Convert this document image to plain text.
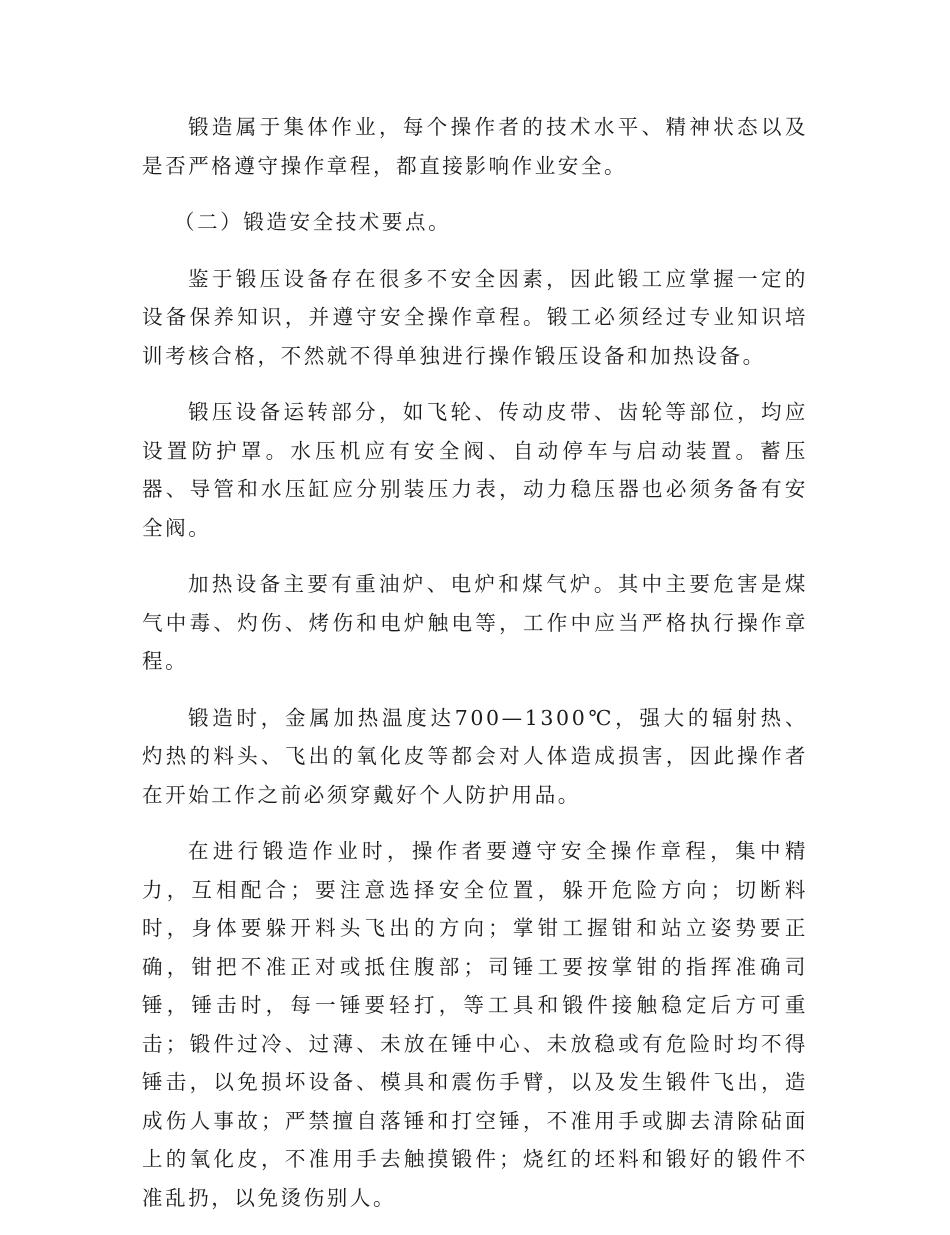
锻造属于集体作业，每个操作者的技术水平、精神状态以及是否严格遵守操作章程，都直接影响作业安全。

（二）锻造安全技术要点。

鉴于锻压设备存在很多不安全因素，因此锻工应掌握一定的设备保养知识，并遵守安全操作章程。锻工必须经过专业知识培训考核合格，不然就不得单独进行操作锻压设备和加热设备。

锻压设备运转部分，如飞轮、传动皮带、齿轮等部位，均应设置防护罩。水压机应有安全阀、自动停车与启动装置。蓄压器、导管和水压缸应分别装压力表，动力稳压器也必须务备有安全阀。

加热设备主要有重油炉、电炉和煤气炉。其中主要危害是煤气中毒、灼伤、烤伤和电炉触电等，工作中应当严格执行操作章程。

锻造时，金属加热温度达700—1300℃，强大的辐射热、灼热的料头、飞出的氧化皮等都会对人体造成损害，因此操作者在开始工作之前必须穿戴好个人防护用品。

在进行锻造作业时，操作者要遵守安全操作章程，集中精力，互相配合；要注意选择安全位置，躲开危险方向；切断料时，身体要躲开料头飞出的方向；掌钳工握钳和站立姿势要正确，钳把不准正对或抵住腹部；司锤工要按掌钳的指挥准确司锤，锤击时，每一锤要轻打，等工具和锻件接触稳定后方可重击；锻件过冷、过薄、未放在锤中心、未放稳或有危险时均不得锤击，以免损坏设备、模具和震伤手臂，以及发生锻件飞出，造成伤人事故；严禁擅自落锤和打空锤，不准用手或脚去清除砧面上的氧化皮，不准用手去触摸锻件；烧红的坯料和锻好的锻件不准乱扔，以免烫伤别人。
